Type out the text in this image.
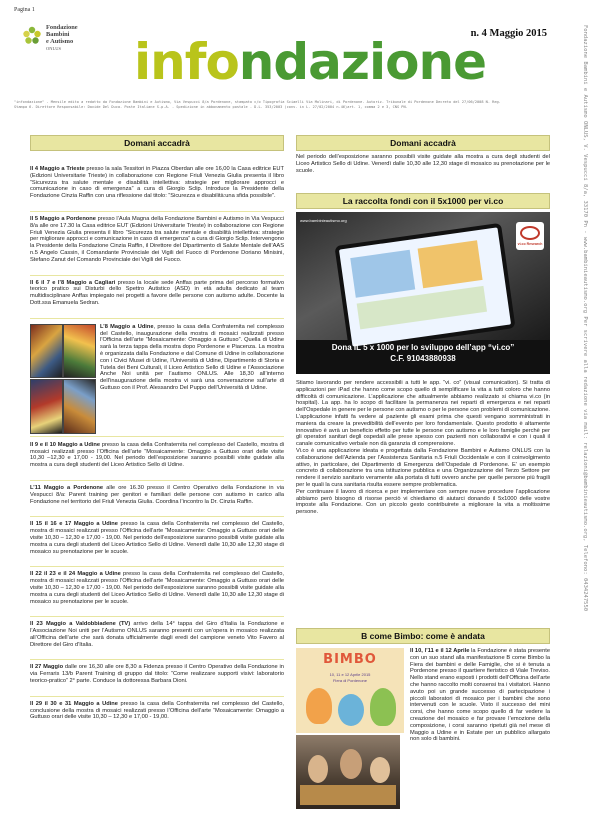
Pagina 1
Fondazione
Bambini
e Autismo
ONLUS
n. 4 Maggio 2015
infondazione
"infondazione" - Mensile edito a redatto da Fondazione Bambini e Autismo, Via Vespucci 8/a Pordenone, stampato c/o Tipografia Sciaelli Via Molinari, di Pordenone. Autoriz. Tribunale di Pordenone Decreto del 27/06/2008 N. Reg. Stampa 6. Direttore Responsabile: Davide Del Duca. Poste Italiane S.p.A. - Spedizione in abbonamento postale - D.L. 353/2003 (conv. in L. 27/02/2004 n.46)art. 1, comma 2 e 3, CNS PN.	Fondazione Bambini e Autismo ONLUS, V. Vespucci 8/a, 33170 Pn - www.bambinieautismo.org Per scrivere alla redazione via mail: relazioni@bambinieautismo.org, Telefono: 0434247550
Domani accadrà

Il 4 Maggio a Trieste presso la sala Tessitori in Piazza Oberdan alle ore 16,00 la Casa editrice EUT (Edizioni Universitarie Trieste) in collaborazione con Regione Friuli Venezia Giulia presenta il libro “Sicurezza tra salute mentale e disabilità intellettiva: strategie per migliorare approcci e comunicazione in caso di emergenza” a cura di Giorgio Sclip. Introduce la Presidente della Fondazione Cinzia Raffin con una riflessione dal titolo: “Sicurezza e disabilità:una sfida possibile”.

Il 5 Maggio a Pordenone presso l’Aula Magna della Fondazione Bambini e Autismo in Via Vespucci 8/a alle ore 17.30 la Casa editrice EUT (Edizioni Universitarie Trieste) in collaborazione con Regione Friuli Venezia Giulia presenta il libro “Sicurezza tra salute mentale e disabilità intellettiva: strategie per migliorare approcci e comunicazione in caso di emergenza” a cura di Giorgio Sclip. Intervengono la Presidente della Fondazione Cinzia Raffin, il Direttore del Dipartimento di Salute Mentale dell’AAS n.5 Angelo Cassin, il Comandante Provinciale dei Vigili del Fuoco di Pordenone Doriano Minisini, Stefano Zanut del Comando Provinciale dei Vigili del Fuoco.

Il 6 il 7 e l’8 Maggio a Cagliari presso la locale sede Anffas parte prima del percorso formativo teorico pratico sui Disturbi dello Spettro Autistico (ASD) in età adulta dedicato al team multidisciplinare Anffas impiegato nei progetti a favore delle persone con autismo adulte. Docente la Dott.ssa Emanuela Sedran.

L’8 Maggio a Udine, presso la casa della Confraternita nel complesso del Castello, inaugurazione della mostra di mosaici realizzati presso l’Officina dell’arte “Mosaicamente: Omaggio a Guttuso”. Quella di Udine sarà la terza tappa della mostra dopo Pordenone e Piacenza. La mostra è organizzata dalla Fondazione e dal Comune di Udine in collaborazione con i Civici Musei di Udine, l’Università di Udine, Dipartimento di Storia e Tutela dei Beni Culturali, il Liceo Artistico Sello di Udine e l’Associazione Anche Noi unità per l’autismo ONLUS. Alle 18,30 all’interno dell’inaugurazione della mostra vi sarà una conversazione sull’arte di Guttuso con il Prof. Alessandro Del Puppo dell’Università di Udine.

Il 9 e il 10 Maggio a Udine presso la casa della Confraternita nel complesso del Castello, mostra di mosaici realizzati presso l’Officina dell’arte “Mosaicamente: Omaggio a Guttuso orari delle visite 10,30 –12,30 e 17,00 - 19,00. Nel periodo dell’esposizione saranno possibili visite guidate alla mostra a cura degli studenti del Liceo Artistico Sello di Udine.

L’11 Maggio a Pordenone alle ore 16.30 presso il Centro Operativo della Fondazione in via Vespucci 8/a: Parent training per genitori e familiari delle persone con autismo in carico alla Fondazione nel territorio del Friuli Venezia Giulia. Coordina l’incontro la Dr. Cinzia Raffin.

Il 15 il 16 e 17 Maggio a Udine presso la casa della Confraternita nel complesso del Castello, mostra di mosaici realizzati presso l’Officina dell’arte “Mosaicamente: Omaggio a Guttuso orari delle visite 10,30 – 12,30 e 17,00 - 19,00. Nel periodo dell’esposizione saranno possibili visite guidate alla mostra a cura degli studenti del Liceo Artistico Sello di Udine. Venerdì dalle 10,30 alle 12,30 stage di mosaico su prenotazione per le scuole.

Il 22 il 23 e il 24 Maggio a Udine presso la casa della Confraternita nel complesso del Castello, mostra di mosaici realizzati presso l’Officina dell’arte “Mosaicamente: Omaggio a Guttuso orari delle visite 10,30 – 12,30 e 17,00 - 19,00. Nel periodo dell’esposizione saranno possibili visite guidate alla mostra a cura degli studenti del Liceo Artistico Sello di Udine. Venerdì dalle 10,30 alle 12,30 stage di mosaico su prenotazione per le scuole.

Il 23 Maggio a Valdobbiadene (TV) arrivo della 14° tappa del Giro d’Italia la Fondazione e l’Associazione Noi uniti per l’Autismo ONLUS saranno presenti con un’opera in mosaico realizzata all’Officina dell’arte che sarà donata ufficialmente dagli eredi del campione veneto Vito Favero al Direttore del Giro d’Italia.

Il 27 Maggio dalle ore 16,30 alle ore 8,30 a Fidenza presso il Centro Operativo della Fondazione in via Ferraris 13/b Parent Training di gruppo dal titolo: “Come realizzare supporti visivi: laboratorio teorico-pratico” 2° parte. Conduce la dottoressa Barbara Dioni.

Il 29 il 30 e 31 Maggio a Udine presso la casa della Confraternita nel complesso del Castello, conclusione della mostra di mosaici realizzati presso l’Officina dell’arte “Mosaicamente: Omaggio a Guttuso orari delle visite 10,30 – 12,30 e 17,00 - 19,00.

Domani accadrà

Nel periodo dell’esposizione saranno possibili visite guidate alla mostra a cura degli studenti del Liceo Artistico Sello di Udine. Venerdì dalle 10,30 alle 12,30 stage di mosaico su prenotazione per le scuole.

La raccolta fondi con il 5x1000 per vi.co
www.bambinieautismo.org
vi.co Research
Dona IL 5 x 1000 per lo sviluppo dell’app “vi.co”
C.F. 91043880938

Stiamo lavorando per rendere accessibili a tutti le app. “vi. co” (visual comunication). Si tratta di applicazioni per iPad che hanno come scopo quello di semplificare la vita a tutti coloro che hanno difficoltà di comunicazione. L’applicazione che attualmente abbiamo realizzato si chiama vi.co (in hospital). La app. ha lo scopo di facilitare la permanenza nei reparti di emergenza e nei reparti dell’Ospedale in genere per le persone con autismo o per le persone con problemi di comunicazione. L’applicazione infatti fa vedere al paziente gli esami prima che questi vengano somministrati in maniera da creare la prevedibilità dell’evento per loro fondamentale. Questo prodotto è altamente innovativo è avrà un beneficio effetto per tutte le persone con autismo e le loro famiglie perchè per gli operatori sanitari degli ospedali alle prese spesso con pazienti non collaborativi e con i quali il canale comunicativo verbale non dà garanzia di comprensione.

Vi.co è una applicazione ideata e progettata dalla Fondazione Bambini e Autismo ONLUS con la collaborazione dell’Azienda per l’Assistenza Sanitaria n.5 Friuli Occidentale e con il coinvolgimento attivo, in particolare, dei Dipartimento di Emergenza dell’Ospedale di Pordenone. E’ un esempio concreto di collaborazione tra una istituzione pubblica e una Organizzazione del Terzo Settore per rendere il servizio sanitario veramente alla portata di tutti ovvero anche per quelle persone più fragili per le quali la cura sanitaria risulta essere sempre problematica.

Per continuare il lavoro di ricerca e per implementare con sempre nuove procedure l’applicazione abbiamo però bisogno di risorse perciò vi chiediamo di aiutarci donando il 5x1000 delle vostre imposte alla Fondazione. Con un piccolo gesto contribuirete a migliorare la vita a moltissime persone.

B come Bimbo: come è andata
BIMBO
10, 11 e 12 Aprile 2015
Fiera di Pordenone

Il 10, l’11 e il 12 Aprile la Fondazione è stata presente con un suo stand alla manifestazione B come Bimbo la Fiera dei bambini e delle Famiglie, che si è tenuta a Pordenone presso il quartiere fieristico di Viale Treviso. Nello stand erano esposti i prodotti dell’Officina dell’arte che hanno raccolto molti consensi tra i visitatori. Hanno avuto poi un grande successo di partecipazione i piccoli laboratori di mosaico per i bambini che sono intervenuti con le scuole. Visto il successo dei mini corsi, che hanno come scopo quello di far vedere la creazione del mosaico e far provare l’emozione della composizione, i corsi saranno ripetuti già nel mese di Maggio a Udine e in Estate per un pubblico allargato non solo di bambini.
